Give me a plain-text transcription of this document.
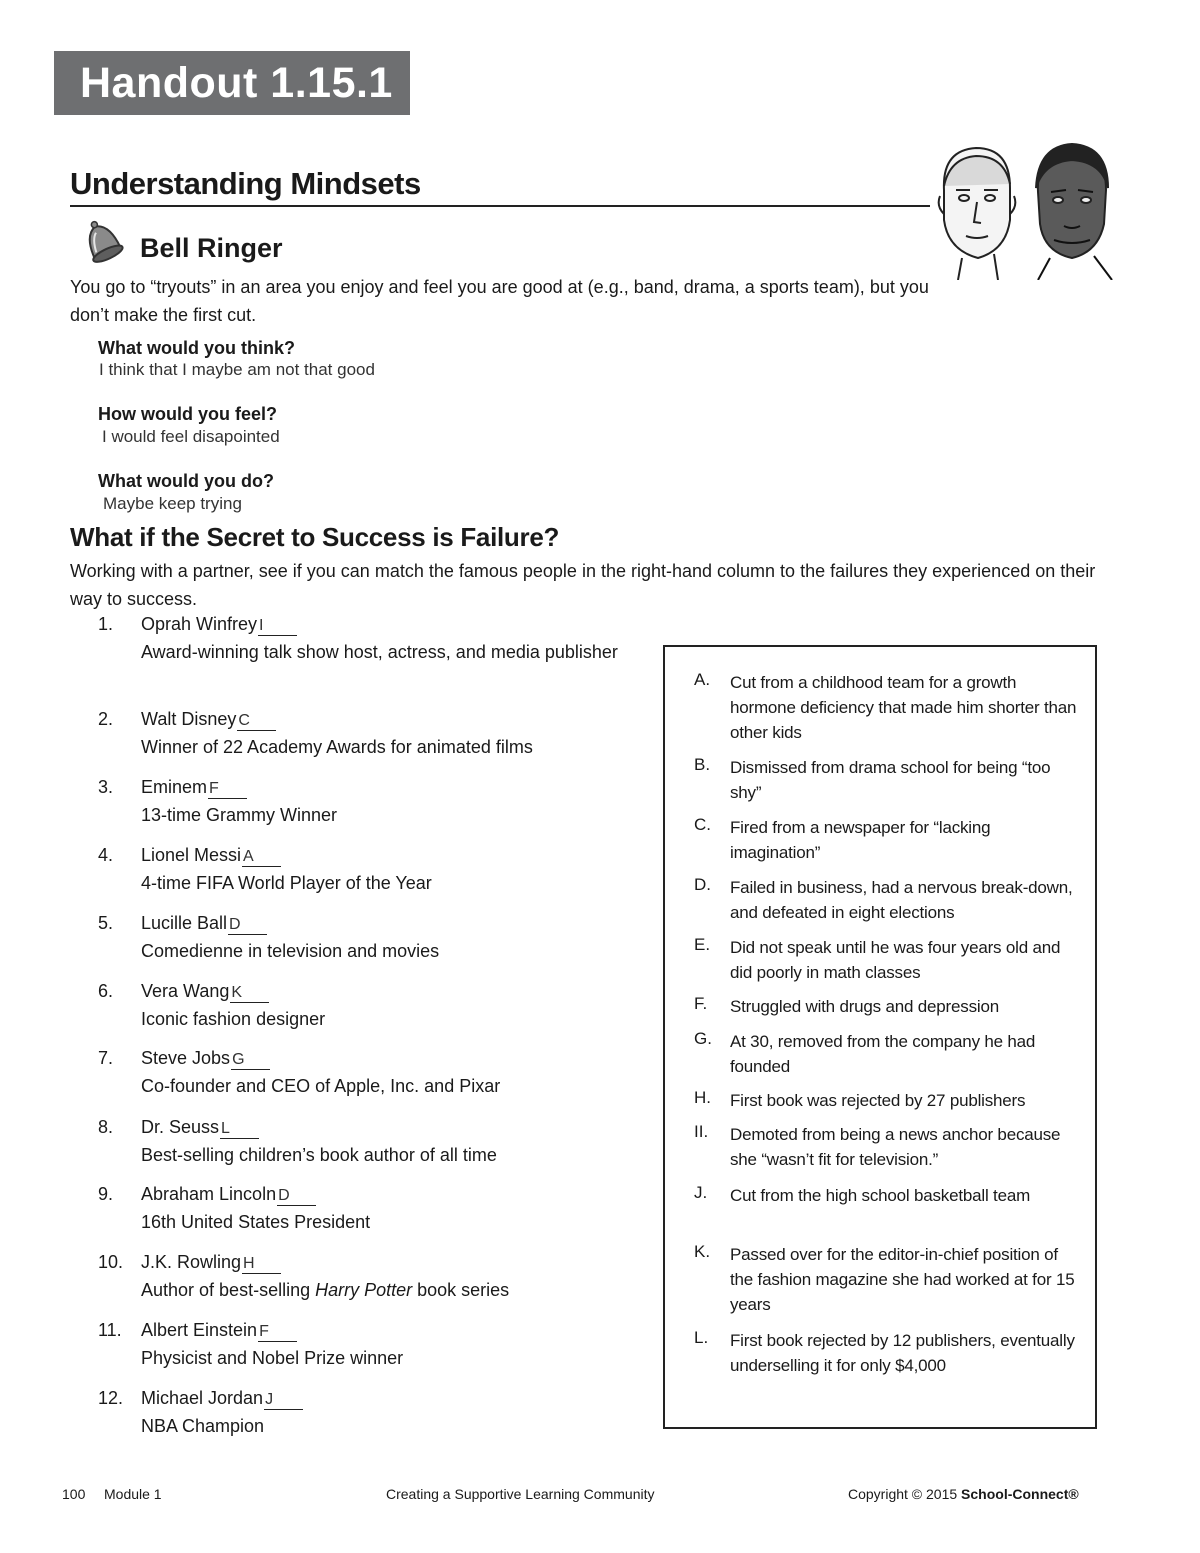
Handout 1.15.1
Understanding Mindsets
Bell Ringer
You go to “tryouts” in an area you enjoy and feel you are good at (e.g., band, drama, a sports team), but you don’t make the first cut.
What would you think?
I think that I maybe am not that good
How would you feel?
I would feel disapointed
What would you do?
Maybe keep trying
What if the Secret to Success is Failure?
Working with a partner, see if you can match the famous people in the right-hand column to the failures they experienced on their way to success.
1.	Oprah Winfrey I
Award-winning talk show host, actress, and media publisher
2.	Walt Disney C
Winner of 22 Academy Awards for animated films
3.	Eminem F
13-time Grammy Winner
4.	Lionel Messi A
4-time FIFA World Player of the Year
5.	Lucille Ball D
Comedienne in television and movies
6.	Vera Wang K
Iconic fashion designer
7.	Steve Jobs G
Co-founder and CEO of Apple, Inc. and Pixar
8.	Dr. Seuss L
Best-selling children’s book author of all time
9.	Abraham Lincoln D
16th United States President
10. J.K. Rowling H
Author of best-selling Harry Potter book series
11.	Albert Einstein F
Physicist and Nobel Prize winner
12. Michael Jordan J
NBA Champion
A. Cut from a childhood team for a growth hormone deficiency that made him shorter than other kids
B. Dismissed from drama school for being “too shy”
C. Fired from a newspaper for “lacking imagination”
D. Failed in business, had a nervous break-down, and defeated in eight elections
E. Did not speak until he was four years old and did poorly in math classes
F. Struggled with drugs and depression
G. At 30, removed from the company he had founded
H. First book was rejected by 27 publishers
II. Demoted from being a news anchor because she “wasn’t fit for television.”
J. Cut from the high school basketball team
K. Passed over for the editor-in-chief position of the fashion magazine she had worked at for 15 years
L. First book rejected by 12 publishers, eventually underselling it for only $4,000
100 Module 1	Creating a Supportive Learning Community	Copyright © 2015 School-Connect®
